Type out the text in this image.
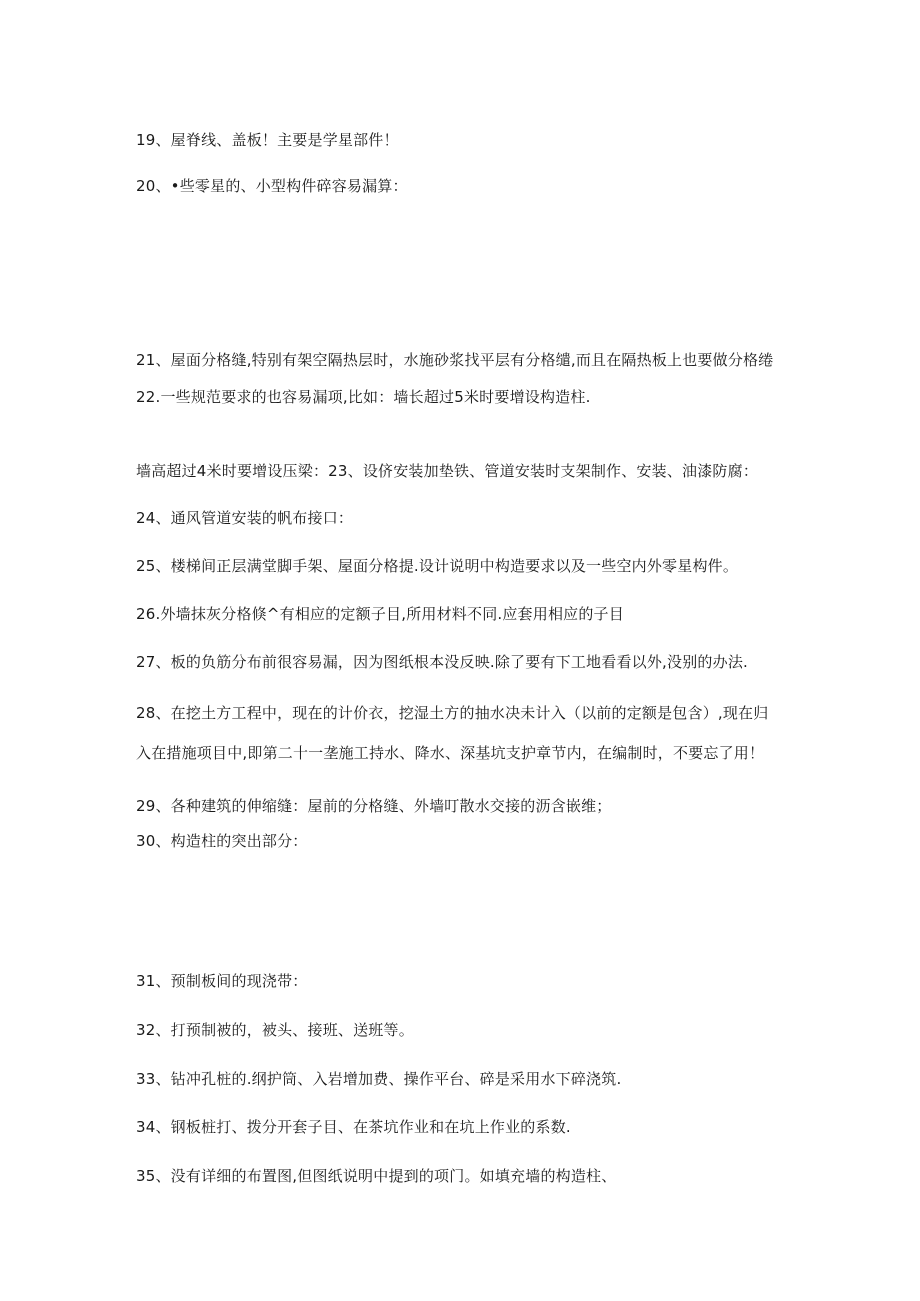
19、屋脊线、盖板！主要是学星部件！

20、•些零星的、小型构件碎容易漏算：

21、屋面分格缝,特别有架空隔热层时，水施砂浆找平层有分格缱,而且在隔热板上也要做分格绻

22.一些规范要求的也容易漏项,比如：墙长超过5米时要增设构造柱.

墙高超过4米时要增设压梁：23、设侪安装加垫铁、管道安装时支架制作、安装、油漆防腐：

24、通风管道安装的帆布接口：

25、楼梯间正层满堂脚手架、屋面分格提.设计说明中构造要求以及一些空内外零星构件。

26.外墙抹灰分格倏^有相应的定额子目,所用材料不同.应套用相应的子目

27、板的负筋分布前很容易漏，因为图纸根本没反映.除了要有下工地看看以外,没别的办法.

28、在挖土方工程中，现在的计价衣，挖湿土方的抽水决未计入（以前的定额是包含）,现在归

入在措施项目中,即第二十一垄施工持水、降水、深基坑支护章节内，在编制时，不要忘了用！

29、各种建筑的伸缩缝：屋前的分格缝、外墙叮散水交接的沥含嵌维；

30、构造柱的突出部分：

31、预制板间的现浇带：

32、打预制被的，被头、接班、送班等。

33、钻冲孔桩的.纲护筒、入岩增加费、操作平台、碎是采用水下碎浇筑.

34、钢板桩打、拨分开套子目、在茶坑作业和在坑上作业的系数.

35、没有详细的布置图,但图纸说明中提到的项门。如填充墙的构造柱、
